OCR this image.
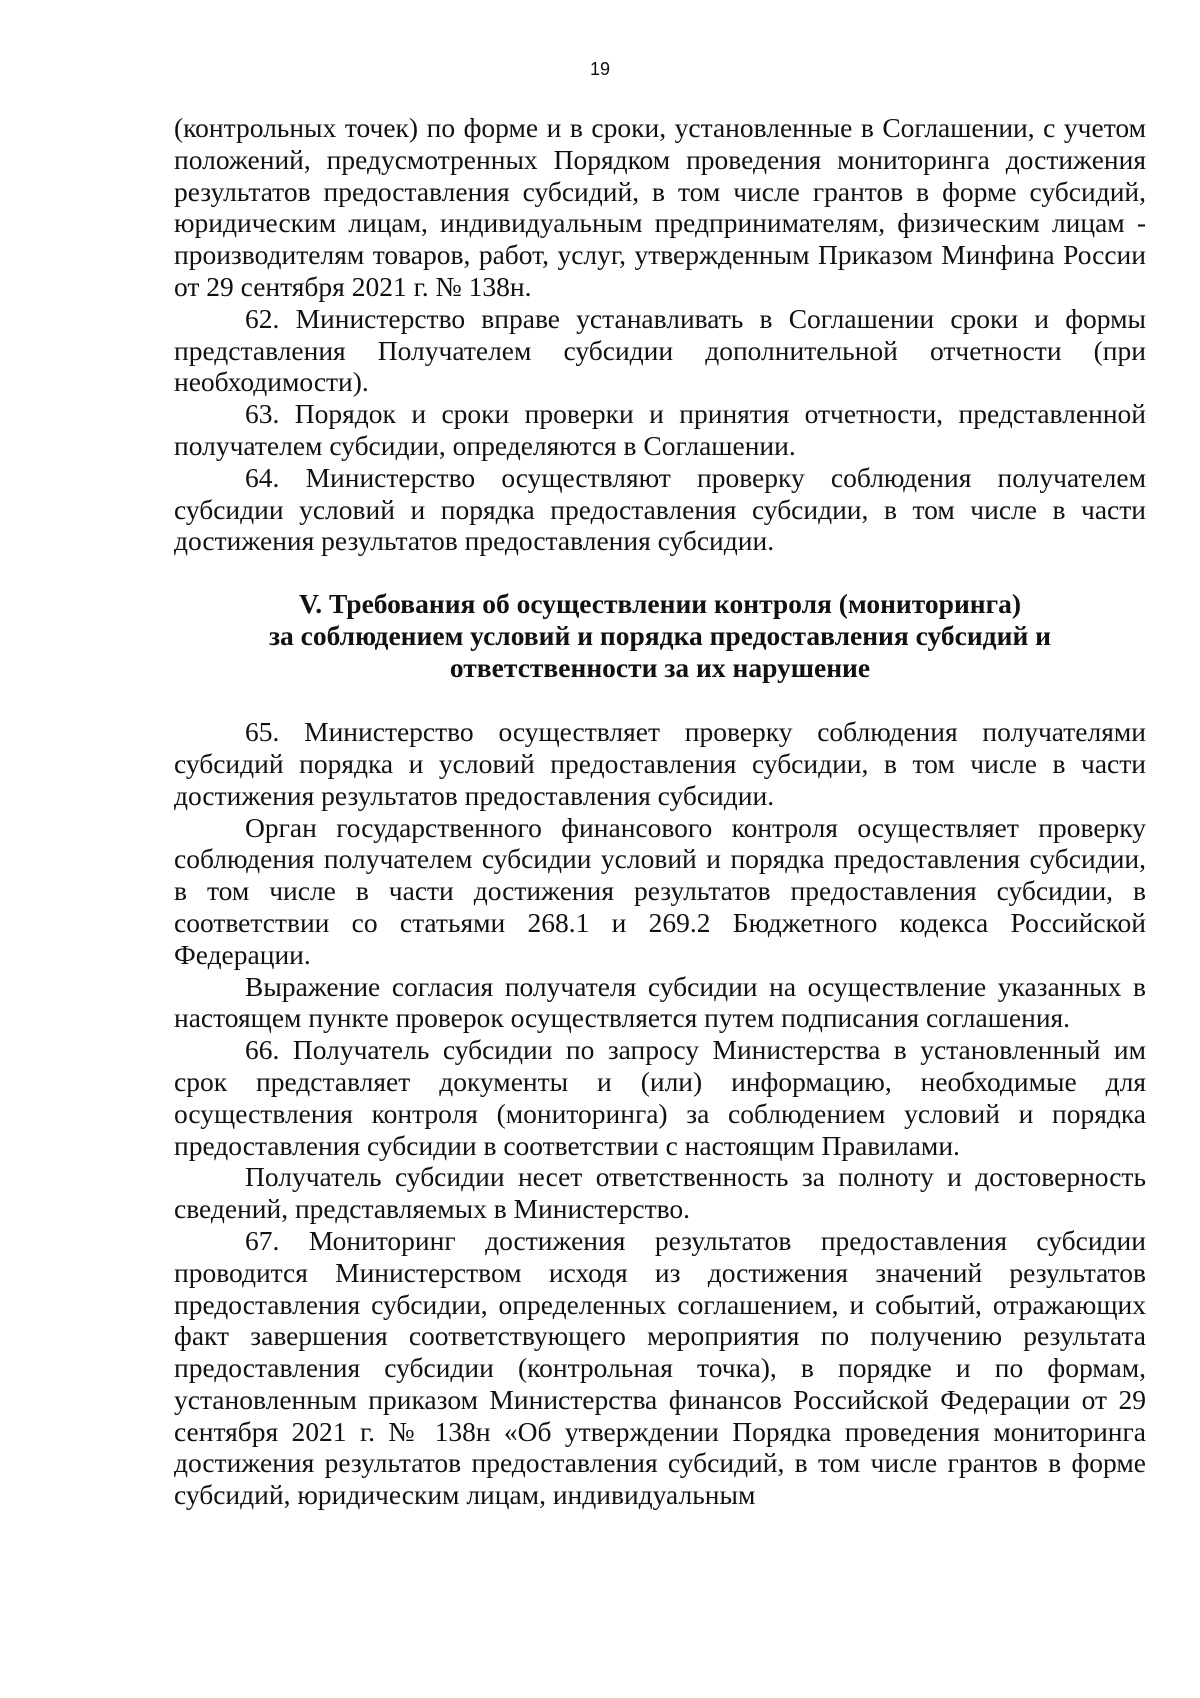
19

(контрольных точек) по форме и в сроки, установленные в Соглашении, с учетом положений, предусмотренных Порядком проведения мониторинга достижения результатов предоставления субсидий, в том числе грантов в форме субсидий, юридическим лицам, индивидуальным предпринимателям, физическим лицам - производителям товаров, работ, услуг, утвержденным Приказом Минфина России от 29 сентября 2021 г. № 138н.

62. Министерство вправе устанавливать в Соглашении сроки и формы представления Получателем субсидии дополнительной отчетности (при необходимости).

63. Порядок и сроки проверки и принятия отчетности, представленной получателем субсидии, определяются в Соглашении.

64. Министерство осуществляют проверку соблюдения получателем субсидии условий и порядка предоставления субсидии, в том числе в части достижения результатов предоставления субсидии.

V. Требования об осуществлении контроля (мониторинга)
за соблюдением условий и порядка предоставления субсидий и
ответственности за их нарушение

65. Министерство осуществляет проверку соблюдения получателями субсидий порядка и условий предоставления субсидии, в том числе в части достижения результатов предоставления субсидии.

Орган государственного финансового контроля осуществляет проверку соблюдения получателем субсидии условий и порядка предоставления субсидии, в том числе в части достижения результатов предоставления субсидии, в соответствии со статьями 268.1 и 269.2 Бюджетного кодекса Российской Федерации.

Выражение согласия получателя субсидии на осуществление указанных в настоящем пункте проверок осуществляется путем подписания соглашения.

66. Получатель субсидии по запросу Министерства в установленный им срок представляет документы и (или) информацию, необходимые для осуществления контроля (мониторинга) за соблюдением условий и порядка предоставления субсидии в соответствии с настоящим Правилами.

Получатель субсидии несет ответственность за полноту и достоверность сведений, представляемых в Министерство.

67. Мониторинг достижения результатов предоставления субсидии проводится Министерством исходя из достижения значений результатов предоставления субсидии, определенных соглашением, и событий, отражающих факт завершения соответствующего мероприятия по получению результата предоставления субсидии (контрольная точка), в порядке и по формам, установленным приказом Министерства финансов Российской Федерации от 29 сентября 2021 г. № 138н «Об утверждении Порядка проведения мониторинга достижения результатов предоставления субсидий, в том числе грантов в форме субсидий, юридическим лицам, индивидуальным
